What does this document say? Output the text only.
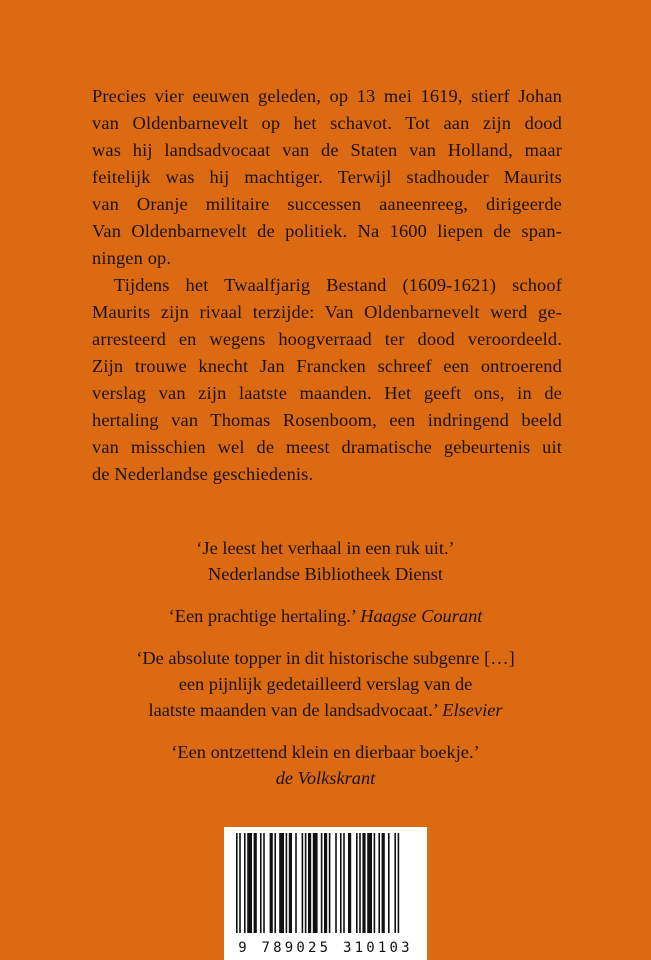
Precies vier eeuwen geleden, op 13 mei 1619, stierf Johan
van Oldenbarnevelt op het schavot. Tot aan zijn dood
was hij landsadvocaat van de Staten van Holland, maar
feitelijk was hij machtiger. Terwijl stadhouder Maurits
van Oranje militaire successen aaneenreeg, dirigeerde
Van Oldenbarnevelt de politiek. Na 1600 liepen de span-
ningen op.

Tijdens het Twaalfjarig Bestand (1609-1621) schoof
Maurits zijn rivaal terzijde: Van Oldenbarnevelt werd ge-
arresteerd en wegens hoogverraad ter dood veroordeeld.
Zijn trouwe knecht Jan Francken schreef een ontroerend
verslag van zijn laatste maanden. Het geeft ons, in de
hertaling van Thomas Rosenboom, een indringend beeld
van misschien wel de meest dramatische gebeurtenis uit
de Nederlandse geschiedenis.

‘Je leest het verhaal in een ruk uit.’
Nederlandse Bibliotheek Dienst
‘Een prachtige hertaling.’ Haagse Courant
‘De absolute topper in dit historische subgenre […]
een pijnlijk gedetailleerd verslag van de
laatste maanden van de landsadvocaat.’ Elsevier
‘Een ontzettend klein en dierbaar boekje.’
de Volkskrant
9 789025 310103
